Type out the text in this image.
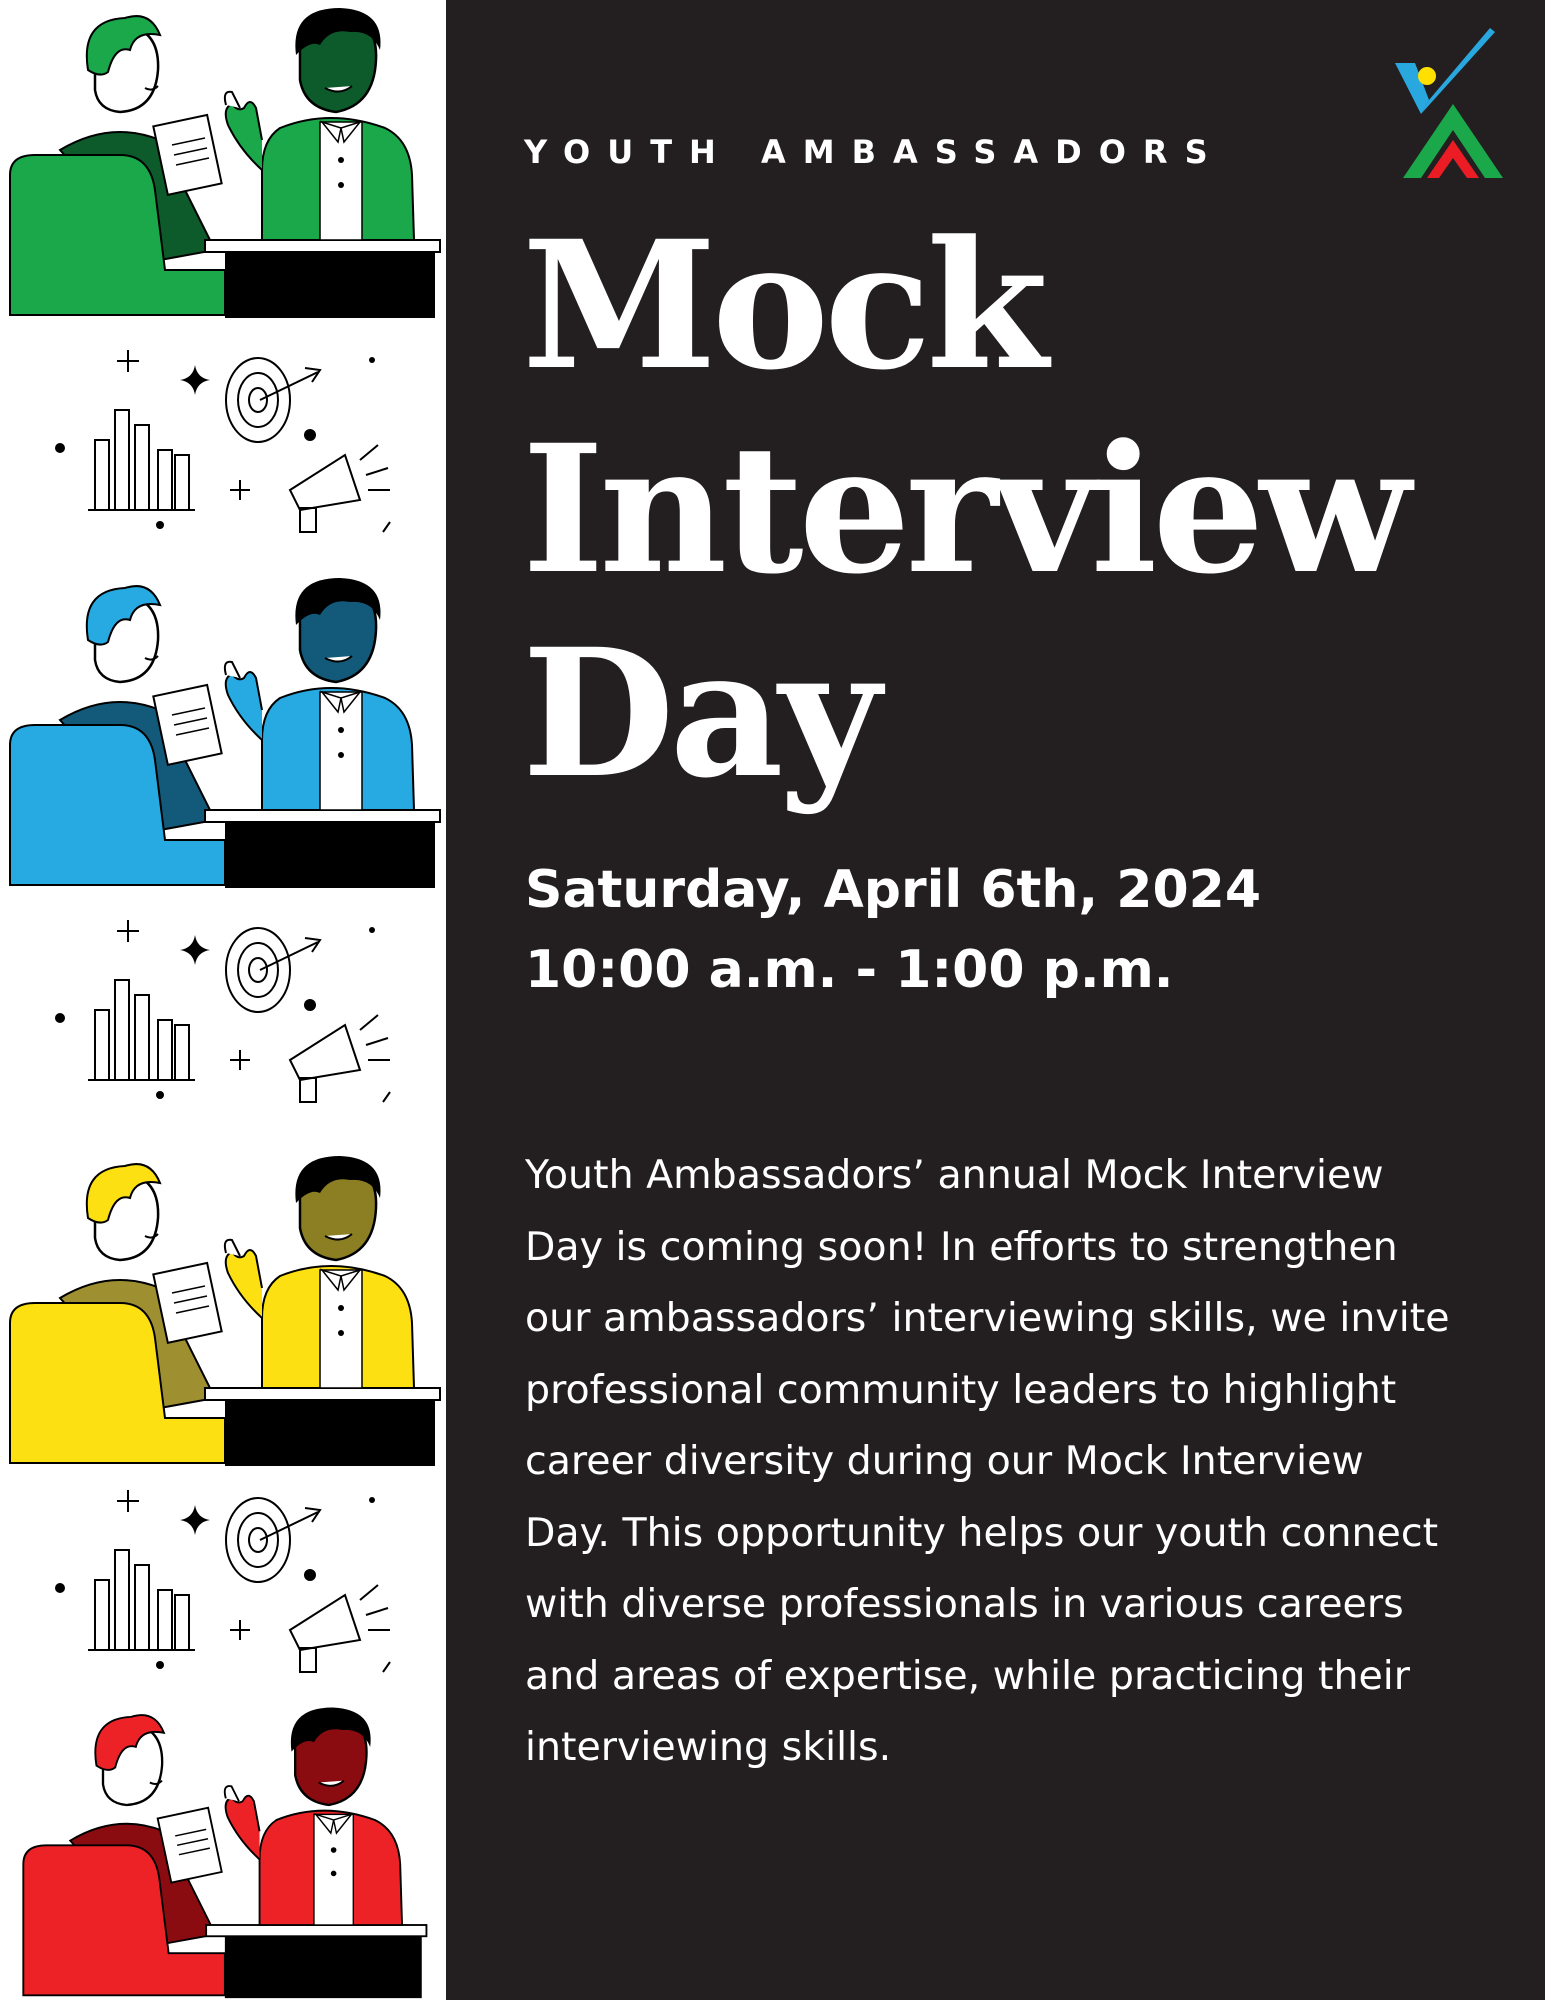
YOUTH AMBASSADORS
Mock
Interview
Day
Saturday, April 6th, 2024
10:00 a.m. - 1:00 p.m.

Youth Ambassadors’ annual Mock Interview Day is coming soon! In efforts to strengthen our ambassadors’ interviewing skills, we invite professional community leaders to highlight career diversity during our Mock Interview Day. This opportunity helps our youth connect with diverse professionals in various careers and areas of expertise, while practicing their interviewing skills.
